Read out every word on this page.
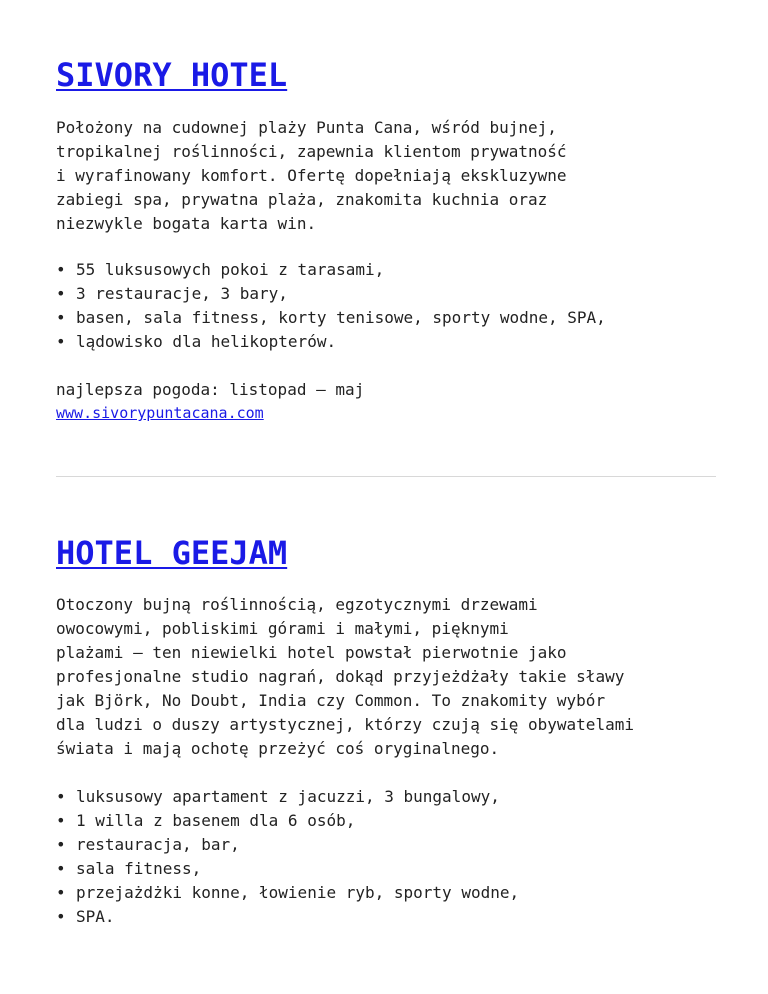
SIVORY HOTEL

Położony na cudownej plaży Punta Cana, wśród bujnej,

tropikalnej roślinności, zapewnia klientom prywatność

i wyrafinowany komfort. Ofertę dopełniają ekskluzywne

zabiegi spa, prywatna plaża, znakomita kuchnia oraz

niezwykle bogata karta win.

• 55 luksusowych pokoi z tarasami,
• 3 restauracje, 3 bary,
• basen, sala fitness, korty tenisowe, sporty wodne, SPA,
• lądowisko dla helikopterów.

najlepsza pogoda: listopad – maj

www.sivorypuntacana.com
HOTEL GEEJAM

Otoczony bujną roślinnością, egzotycznymi drzewami

owocowymi, pobliskimi górami i małymi, pięknymi

plażami – ten niewielki hotel powstał pierwotnie jako

profesjonalne studio nagrań, dokąd przyjeżdżały takie sławy

jak Björk, No Doubt, India czy Common. To znakomity wybór

dla ludzi o duszy artystycznej, którzy czują się obywatelami

świata i mają ochotę przeżyć coś oryginalnego.

• luksusowy apartament z jacuzzi, 3 bungalowy,
• 1 willa z basenem dla 6 osób,
• restauracja, bar,
• sala fitness,
• przejażdżki konne, łowienie ryb, sporty wodne,
• SPA.
